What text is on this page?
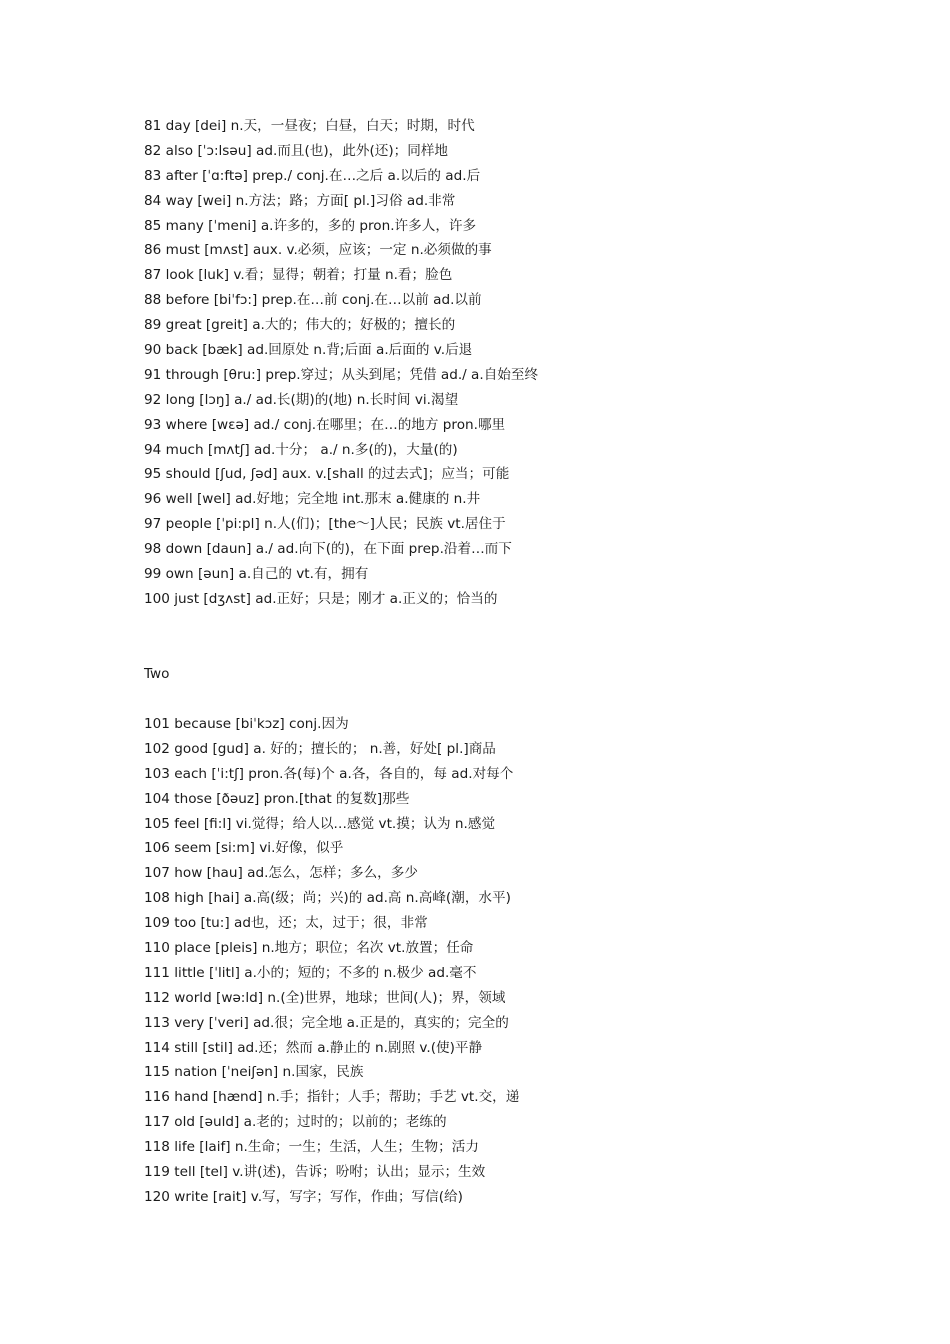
81 day [dei] n.天，一昼夜；白昼，白天；时期，时代
82 also [ˈɔ:lsəu] ad.而且(也)，此外(还)；同样地
83 after [ˈɑ:ftə] prep./ conj.在…之后 a.以后的 ad.后
84 way [wei] n.方法；路；方面[ pl.]习俗 ad.非常
85 many [ˈmeni] a.许多的，多的 pron.许多人，许多
86 must [mʌst] aux. v.必须，应该；一定 n.必须做的事
87 look [luk] v.看；显得；朝着；打量 n.看；脸色
88 before [biˈfɔ:] prep.在…前 conj.在…以前 ad.以前
89 great [greit] a.大的；伟大的；好极的；擅长的
90 back [bæk] ad.回原处 n.背;后面 a.后面的 v.后退
91 through [θru:] prep.穿过；从头到尾；凭借 ad./ a.自始至终
92 long [lɔŋ] a./ ad.长(期)的(地) n.长时间 vi.渴望
93 where [wɛə] ad./ conj.在哪里；在…的地方 pron.哪里
94 much [mʌtʃ] ad.十分； a./ n.多(的)，大量(的)
95 should [ʃud, ʃəd] aux. v.[shall 的过去式]；应当；可能
96 well [wel] ad.好地；完全地 int.那末 a.健康的 n.井
97 people [ˈpi:pl] n.人(们)；[the～]人民；民族 vt.居住于
98 down [daun] a./ ad.向下(的)，在下面 prep.沿着…而下
99 own [əun] a.自己的 vt.有，拥有
100 just [dʒʌst] ad.正好；只是；刚才 a.正义的；恰当的
Two
101 because [biˈkɔz] conj.因为
102 good [gud] a. 好的；擅长的； n.善，好处[ pl.]商品
103 each [ˈi:tʃ] pron.各(每)个 a.各，各自的，每 ad.对每个
104 those [ðəuz] pron.[that 的复数]那些
105 feel [fi:l] vi.觉得；给人以…感觉 vt.摸；认为 n.感觉
106 seem [si:m] vi.好像，似乎
107 how [hau] ad.怎么，怎样；多么，多少
108 high [hai] a.高(级；尚；兴)的 ad.高 n.高峰(潮，水平)
109 too [tu:] ad也，还；太，过于；很，非常
110 place [pleis] n.地方；职位；名次 vt.放置；任命
111 little [ˈlitl] a.小的；短的；不多的 n.极少 ad.毫不
112 world [wə:ld] n.(全)世界，地球；世间(人)；界，领域
113 very [ˈveri] ad.很；完全地 a.正是的，真实的；完全的
114 still [stil] ad.还；然而 a.静止的 n.剧照 v.(使)平静
115 nation [ˈneiʃən] n.国家，民族
116 hand [hænd] n.手；指针；人手；帮助；手艺 vt.交，递
117 old [əuld] a.老的；过时的；以前的；老练的
118 life [laif] n.生命；一生；生活，人生；生物；活力
119 tell [tel] v.讲(述)，告诉；吩咐；认出；显示；生效
120 write [rait] v.写，写字；写作，作曲；写信(给)
